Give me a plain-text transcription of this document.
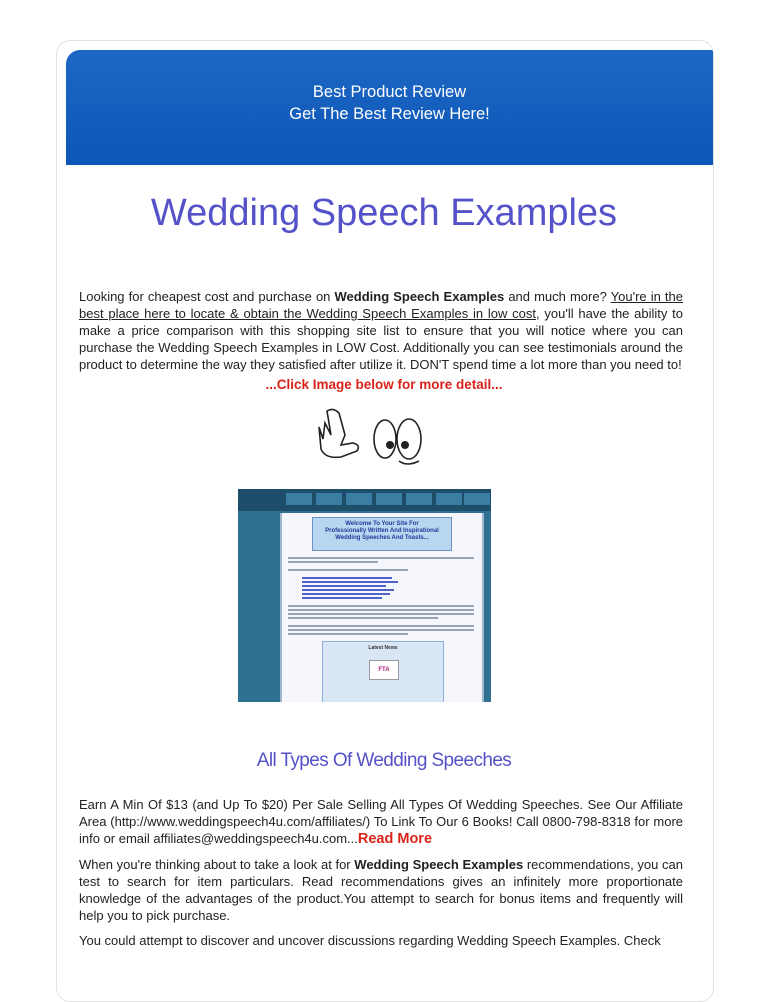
Best Product Review
Get The Best Review Here!
Wedding Speech Examples

Looking for cheapest cost and purchase on Wedding Speech Examples and much more? You're in the best place here to locate & obtain the Wedding Speech Examples in low cost, you'll have the ability to make a price comparison with this shopping site list to ensure that you will notice where you can purchase the Wedding Speech Examples in LOW Cost. Additionally you can see testimonials around the product to determine the way they satisfied after utilize it. DON'T spend time a lot more than you need to!

...Click Image below for more detail...
·
Welcome To Your Site For
Professionally Written And Inspirational
Wedding Speeches And Toasts...
Latest News
FTA
All Types Of Wedding Speeches

Earn A Min Of $13 (and Up To $20) Per Sale Selling All Types Of Wedding Speeches. See Our Affiliate Area (http://www.weddingspeech4u.com/affiliates/) To Link To Our 6 Books! Call 0800-798-8318 for more info or email affiliates@weddingspeech4u.com...Read More

When you're thinking about to take a look at for Wedding Speech Examples recommendations, you can test to search for item particulars. Read recommendations gives an infinitely more proportionate knowledge of the advantages of the product.You attempt to search for bonus items and frequently will help you to pick purchase.

You could attempt to discover and uncover discussions regarding Wedding Speech Examples. Check
